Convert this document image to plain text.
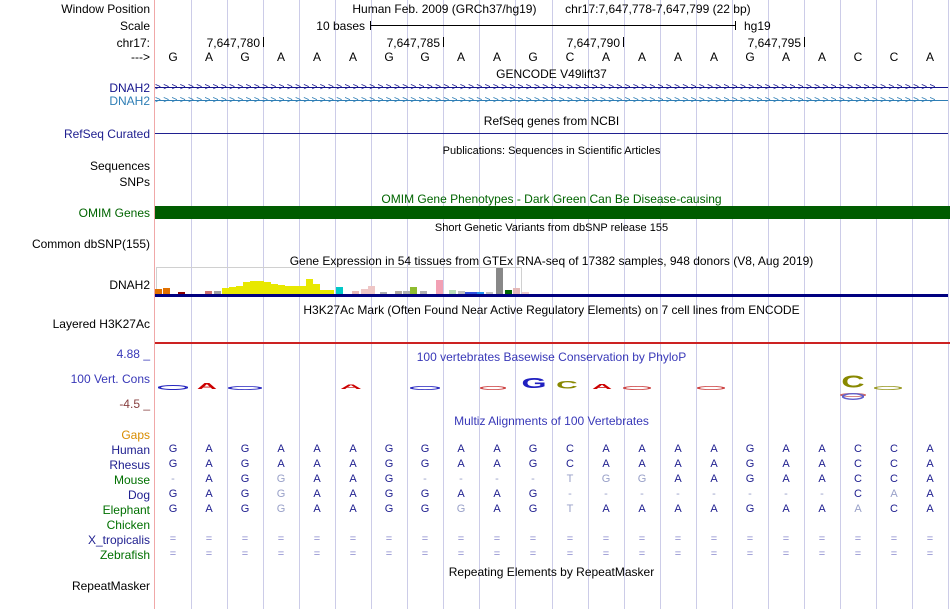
Window Position	Human Feb. 2009 (GRCh37/hg19) chr17:7,647,778-7,647,799 (22 bp)
Scale	10 bases	hg19
chr17:	7,647,780	7,647,785	7,647,790	7,647,795
--->	G	A	G	A	A	A	G	G	A	A	G	C	A	A	A	A	G	A	A	C	C	A
GENCODE V49lift37
DNAH2
DNAH2
>>>>>>>>>>>>>>>>>>>>>>>>>>>>>>>>>>>>>>>>>>>>>>>>>>>>>>>>>>>>>>>>>>>>>>>>>>>>>>>>>>>>>>>>>>>>>>>
>>>>>>>>>>>>>>>>>>>>>>>>>>>>>>>>>>>>>>>>>>>>>>>>>>>>>>>>>>>>>>>>>>>>>>>>>>>>>>>>>>>>>>>>>>>>>>>
RefSeq genes from NCBI
RefSeq Curated
Publications: Sequences in Scientific Articles
Sequences
SNPs
OMIM Gene Phenotypes - Dark Green Can Be Disease-causing
OMIM Genes
Short Genetic Variants from dbSNP release 155
Common dbSNP(155)
Gene Expression in 54 tissues from GTEx RNA-seq of 17382 samples, 948 donors (V8, Aug 2019)
DNAH2
H3K27Ac Mark (Often Found Near Active Regulatory Elements) on 7 cell lines from ENCODE
Layered H3K27Ac
4.88 _	100 vertebrates Basewise Conservation by PhyloP
100 Vert. Cons
-4.5 _
A	A	G C A	C
Multiz Alignments of 100 Vertebrates
Gaps
Human	G	A	G	A	A	A	G	G	A	A	G	C	A	A	A	A	G	A	A	C	C	A
Rhesus	G	A	G	A	A	A	G	G	A	A	G	C	A	A	A	A	G	A	A	C	C	A
Mouse	-	A	G	G	A	A	G	-	-	-	-	T	G	G	A	A	G	A	A	C	C	A
Dog	G	A	G	G	A	A	G	G	A	A	G	-	-	-	-	-	-	-	-	C	A	A
Elephant	G	A	G	G	A	A	G	G	G	A	G	T	A	A	A	A	G	A	A	A	C	A
Chicken
X_tropicalis	=	=	=	=	=	=	=	=	=	=	=	=	=	=	=	=	=	=	=	=	=	=
Zebrafish	=	=	=	=	=	=	=	=	=	=	=	=	=	=	=	=	=	=	=	=	=	=
Repeating Elements by RepeatMasker
RepeatMasker
